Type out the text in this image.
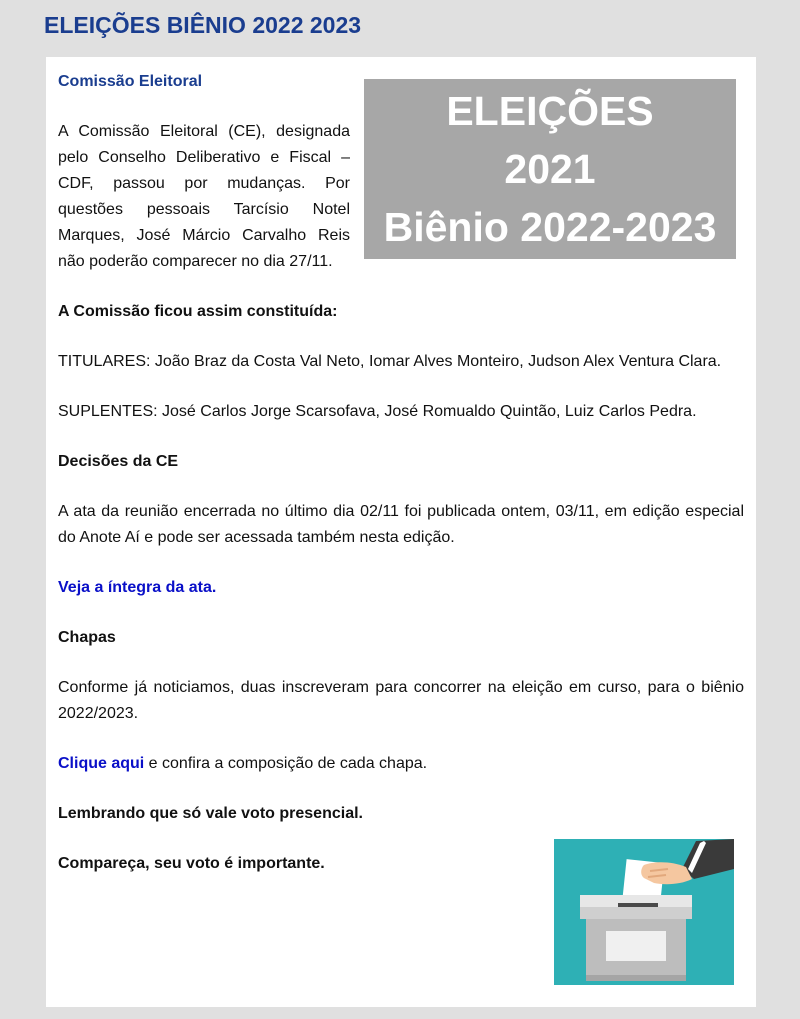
ELEIÇÕES BIÊNIO 2022 2023
ELEIÇÕES
2021
Biênio 2022-2023

Comissão Eleitoral

A Comissão Eleitoral (CE), designada pelo Conselho Deliberativo e Fiscal – CDF, passou por mudanças. Por questões pessoais Tarcísio Notel Marques, José Márcio Carvalho Reis não poderão comparecer no dia 27/11.

A Comissão ficou assim constituída:

TITULARES: João Braz da Costa Val Neto, Iomar Alves Monteiro, Judson Alex Ventura Clara.

SUPLENTES: José Carlos Jorge Scarsofava, José Romualdo Quintão, Luiz Carlos Pedra.

Decisões da CE

A ata da reunião encerrada no último dia 02/11 foi publicada ontem, 03/11, em edição especial do Anote Aí e pode ser acessada também nesta edição.

Veja a íntegra da ata.

Chapas

Conforme já noticiamos, duas inscreveram para concorrer na eleição em curso, para o biênio 2022/2023.

Clique aqui e confira a composição de cada chapa.

Lembrando que só vale voto presencial.

Compareça, seu voto é importante.
